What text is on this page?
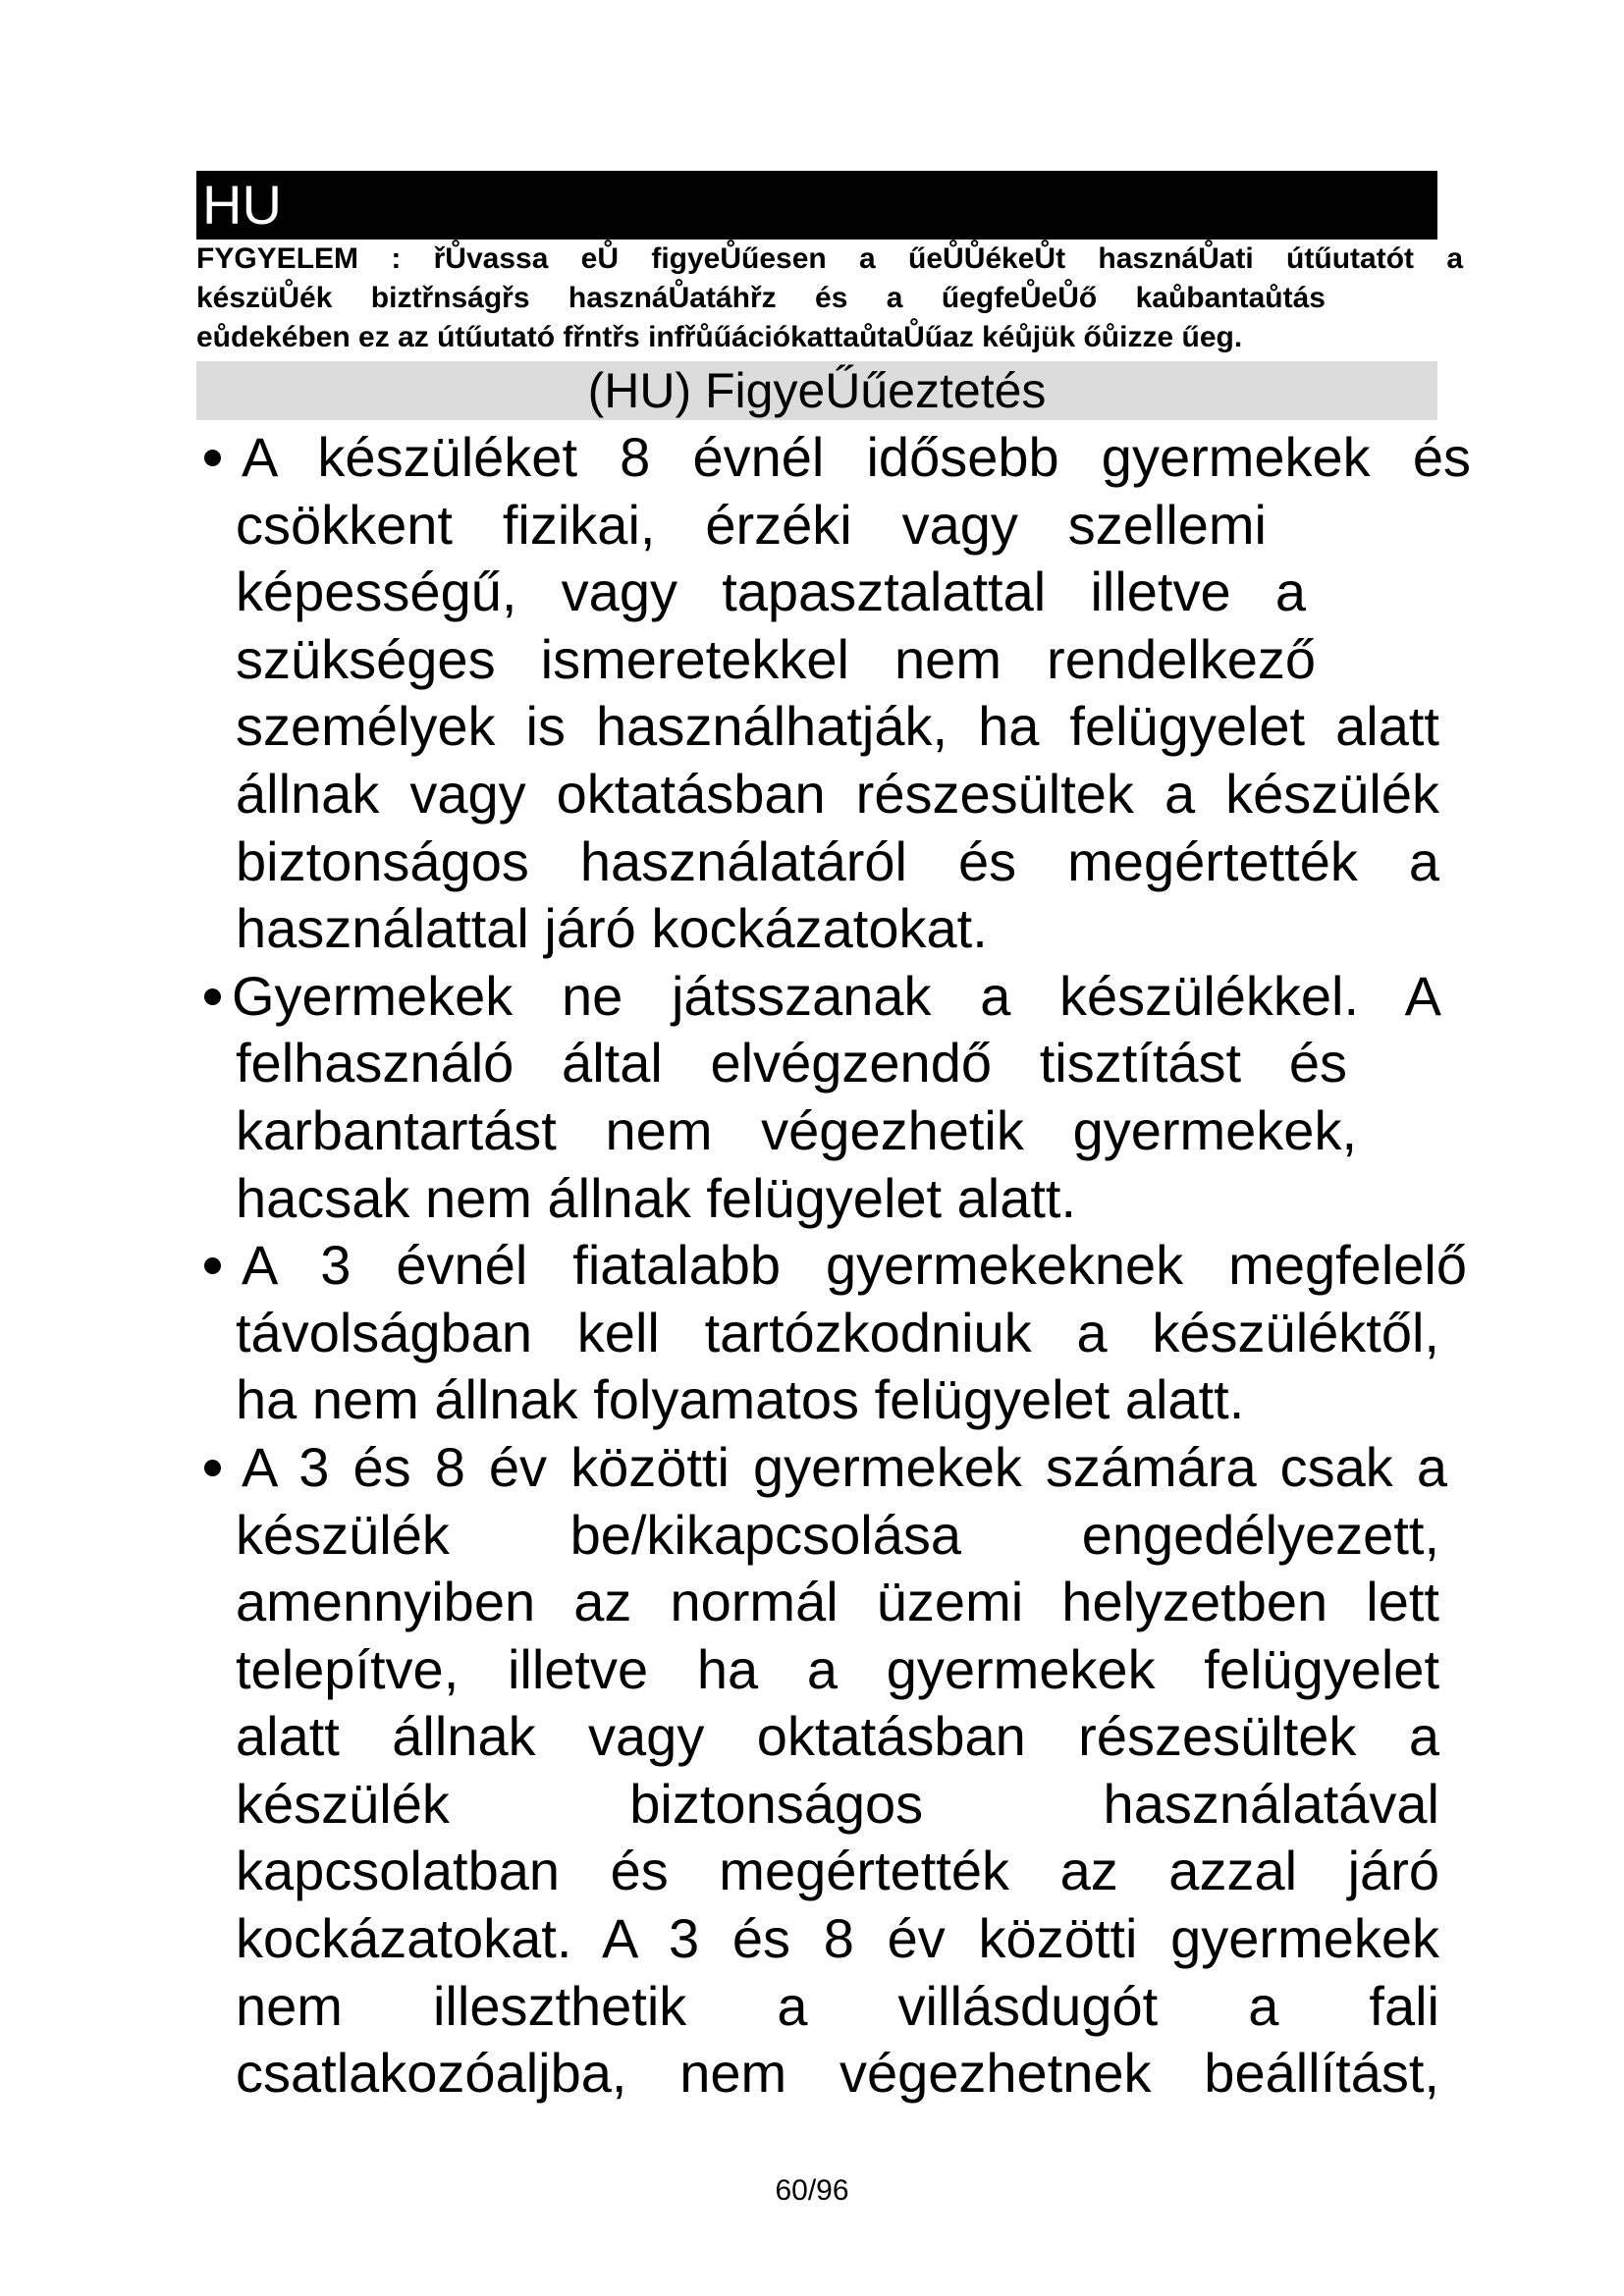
HU
FYGYELEM : řŮvassa eŮ figyeŮűesen a űeŮŮékeŮt hasznáŮati útűutatót a
készüŮék biztřnságřs hasznáŮatáhřz és a űegfeŮeŮő kaůbantaůtás
eůdekében ez az útűutató fřntřs infřůűációkattaůtaŮűaz kéůjük őůizze űeg.
(HU) FigyeŰűeztetés
A készüléket 8 évnél idősebb gyermekek és
csökkent fizikai, érzéki vagy szellemi
képességű, vagy tapasztalattal illetve a
szükséges ismeretekkel nem rendelkező
személyek is használhatják, ha felügyelet alatt
állnak vagy oktatásban részesültek a készülék
biztonságos használatáról és megértették a
használattal járó kockázatokat.
Gyermekek ne játsszanak a készülékkel. A
felhasználó által elvégzendő tisztítást és
karbantartást nem végezhetik gyermekek,
hacsak nem állnak felügyelet alatt.
A 3 évnél fiatalabb gyermekeknek megfelelő
távolságban kell tartózkodniuk a készüléktől,
ha nem állnak folyamatos felügyelet alatt.
A 3 és 8 év közötti gyermekek számára csak a
készülék be/kikapcsolása engedélyezett,
amennyiben az normál üzemi helyzetben lett
telepítve, illetve ha a gyermekek felügyelet
alatt állnak vagy oktatásban részesültek a
készülék biztonságos használatával
kapcsolatban és megértették az azzal járó
kockázatokat. A 3 és 8 év közötti gyermekek
nem illeszthetik a villásdugót a fali
csatlakozóaljba, nem végezhetnek beállítást,
60/96
